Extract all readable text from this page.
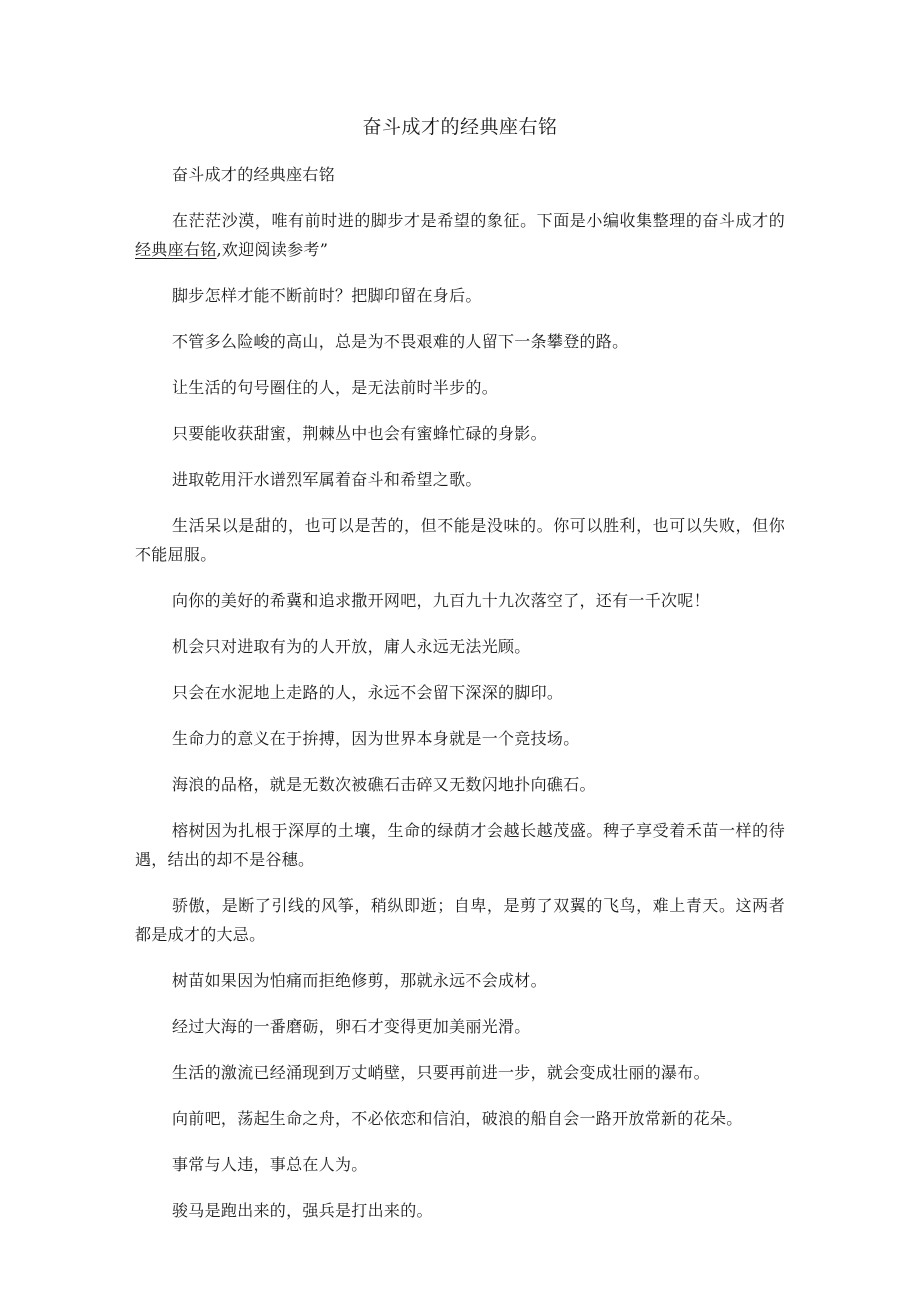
奋斗成才的经典座右铭

奋斗成才的经典座右铭

在茫茫沙漠，唯有前时进的脚步才是希望的象征。下面是小编收集整理的奋斗成才的经典座右铭,欢迎阅读参考”

脚步怎样才能不断前时？把脚印留在身后。

不管多么险峻的高山，总是为不畏艰难的人留下一条攀登的路。

让生活的句号圈住的人，是无法前时半步的。

只要能收获甜蜜，荆棘丛中也会有蜜蜂忙碌的身影。

进取乾用汗水谱烈军属着奋斗和希望之歌。

生活呆以是甜的，也可以是苦的，但不能是没味的。你可以胜利，也可以失败，但你不能屈服。

向你的美好的希冀和追求撒开网吧，九百九十九次落空了，还有一千次呢！

机会只对进取有为的人开放，庸人永远无法光顾。

只会在水泥地上走路的人，永远不会留下深深的脚印。

生命力的意义在于拚搏，因为世界本身就是一个竞技场。

海浪的品格，就是无数次被礁石击碎又无数闪地扑向礁石。

榕树因为扎根于深厚的土壤，生命的绿荫才会越长越茂盛。稗子享受着禾苗一样的待遇，结出的却不是谷穗。

骄傲，是断了引线的风筝，稍纵即逝；自卑，是剪了双翼的飞鸟，难上青天。这两者都是成才的大忌。

树苗如果因为怕痛而拒绝修剪，那就永远不会成材。

经过大海的一番磨砺，卵石才变得更加美丽光滑。

生活的激流已经涌现到万丈峭壁，只要再前进一步，就会变成壮丽的瀑布。

向前吧，荡起生命之舟，不必依恋和信泊，破浪的船自会一路开放常新的花朵。

事常与人违，事总在人为。

骏马是跑出来的，强兵是打出来的。
